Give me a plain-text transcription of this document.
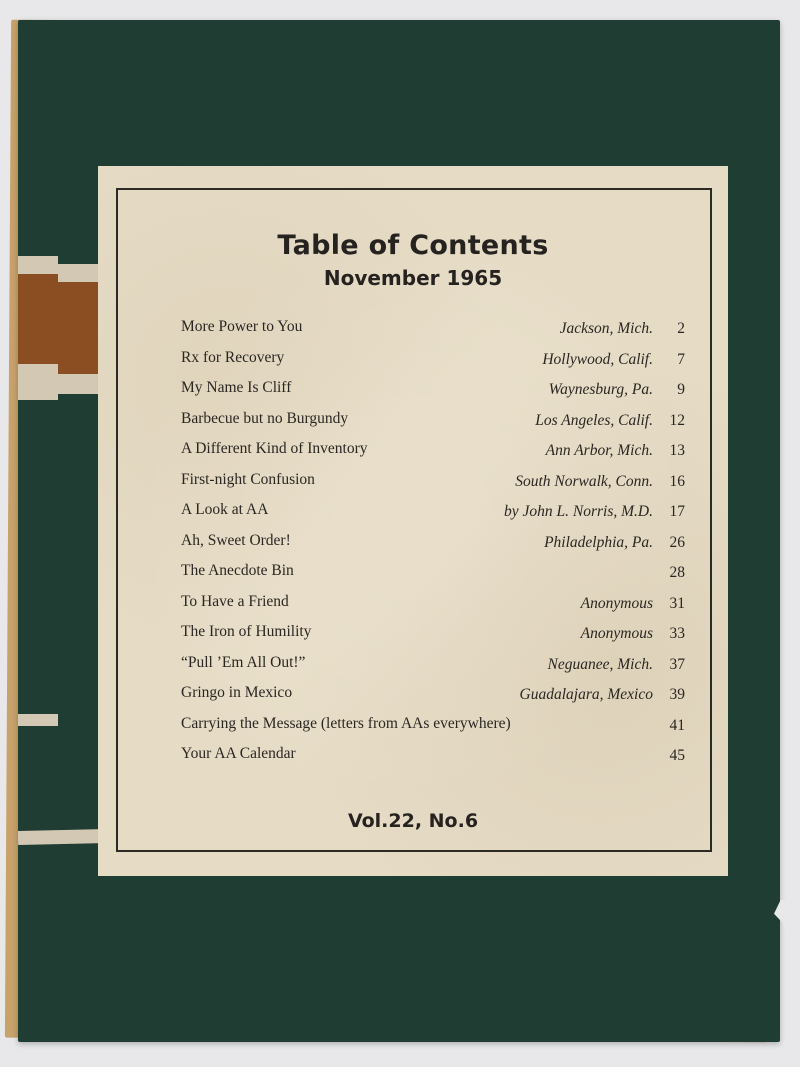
Table of Contents
November 1965
More Power to You	Jackson, Mich.	2
Rx for Recovery	Hollywood, Calif.	7
My Name Is Cliff	Waynesburg, Pa.	9
Barbecue but no Burgundy	Los Angeles, Calif.	12
A Different Kind of Inventory	Ann Arbor, Mich.	13
First-night Confusion	South Norwalk, Conn.	16
A Look at AA	by John L. Norris, M.D.	17
Ah, Sweet Order!	Philadelphia, Pa.	26
The Anecdote Bin	28
To Have a Friend	Anonymous	31
The Iron of Humility	Anonymous	33
“Pull ’Em All Out!”	Neguanee, Mich.	37
Gringo in Mexico	Guadalajara, Mexico	39
Carrying the Message (letters from AAs everywhere)	41
Your AA Calendar	45
Vol.22, No.6
